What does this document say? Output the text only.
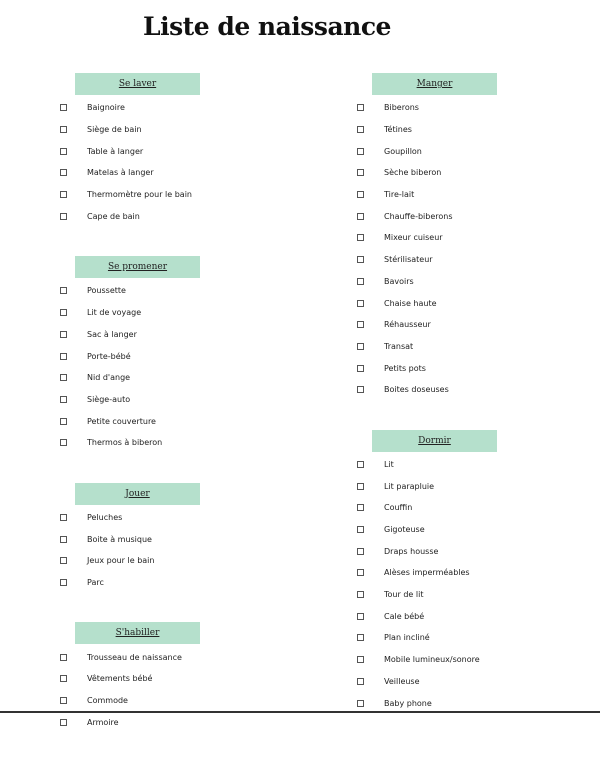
Liste de naissance
Se laver
Baignoire
Siège de bain
Table à langer
Matelas à langer
Thermomètre pour le bain
Cape de bain
Se promener
Poussette
Lit de voyage
Sac à langer
Porte-bébé
Nid d'ange
Siège-auto
Petite couverture
Thermos à biberon
Jouer
Peluches
Boite à musique
Jeux pour le bain
Parc
S'habiller
Trousseau de naissance
Vêtements bébé
Commode
Armoire
Manger
Biberons
Tétines
Goupillon
Sèche biberon
Tire-lait
Chauffe-biberons
Mixeur cuiseur
Stérilisateur
Bavoirs
Chaise haute
Réhausseur
Transat
Petits pots
Boites doseuses
Dormir
Lit
Lit parapluie
Couffin
Gigoteuse
Draps housse
Alèses imperméables
Tour de lit
Cale bébé
Plan incliné
Mobile lumineux/sonore
Veilleuse
Baby phone
